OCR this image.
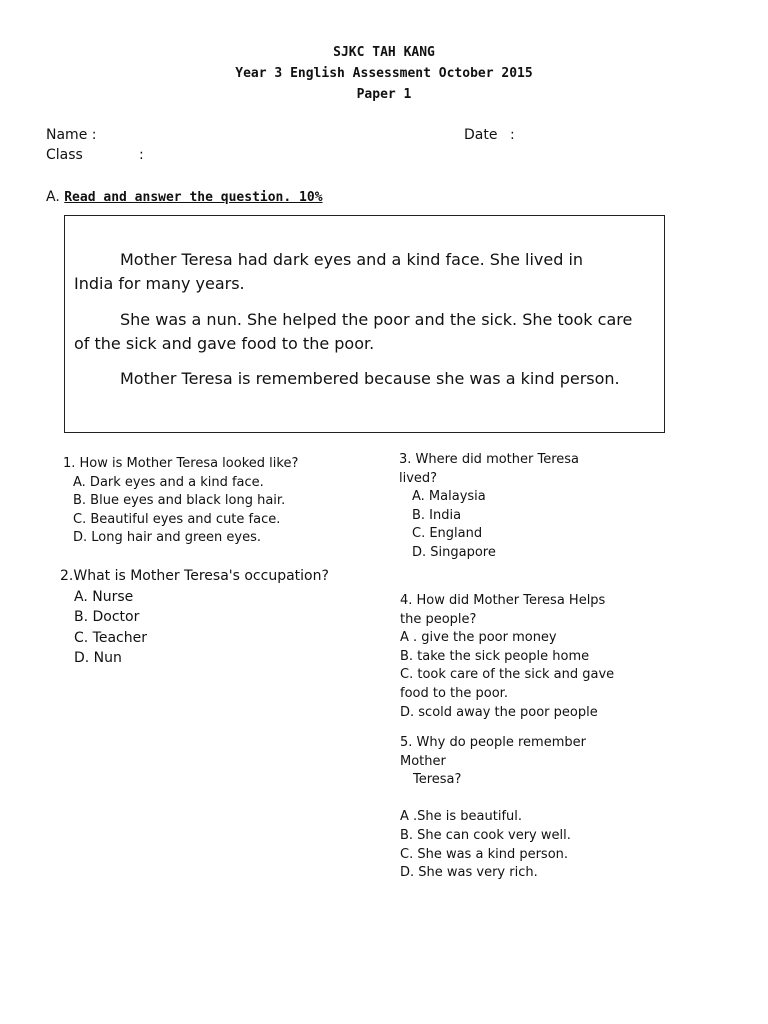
SJKC TAH KANG
Year 3 English Assessment October 2015
Paper 1
Name :	Date :
Class	:
A. Read and answer the question. 10%

Mother Teresa had dark eyes and a kind face. She lived in
India for many years.

She was a nun. She helped the poor and the sick. She took care
of the sick and gave food to the poor.

Mother Teresa is remembered because she was a kind person.

1. How is Mother Teresa looked like?
A. Dark eyes and a kind face.
B. Blue eyes and black long hair.
C. Beautiful eyes and cute face.
D. Long hair and green eyes.
2.What is Mother Teresa's occupation?
A. Nurse
B. Doctor
C. Teacher
D. Nun
3. Where did mother Teresa
lived?
A. Malaysia
B. India
C. England
D. Singapore
4. How did Mother Teresa Helps
the people?
A . give the poor money
B. take the sick people home
C. took care of the sick and gave
food to the poor.
D. scold away the poor people
5. Why do people remember
Mother
Teresa?
A .She is beautiful.
B. She can cook very well.
C. She was a kind person.
D. She was very rich.
